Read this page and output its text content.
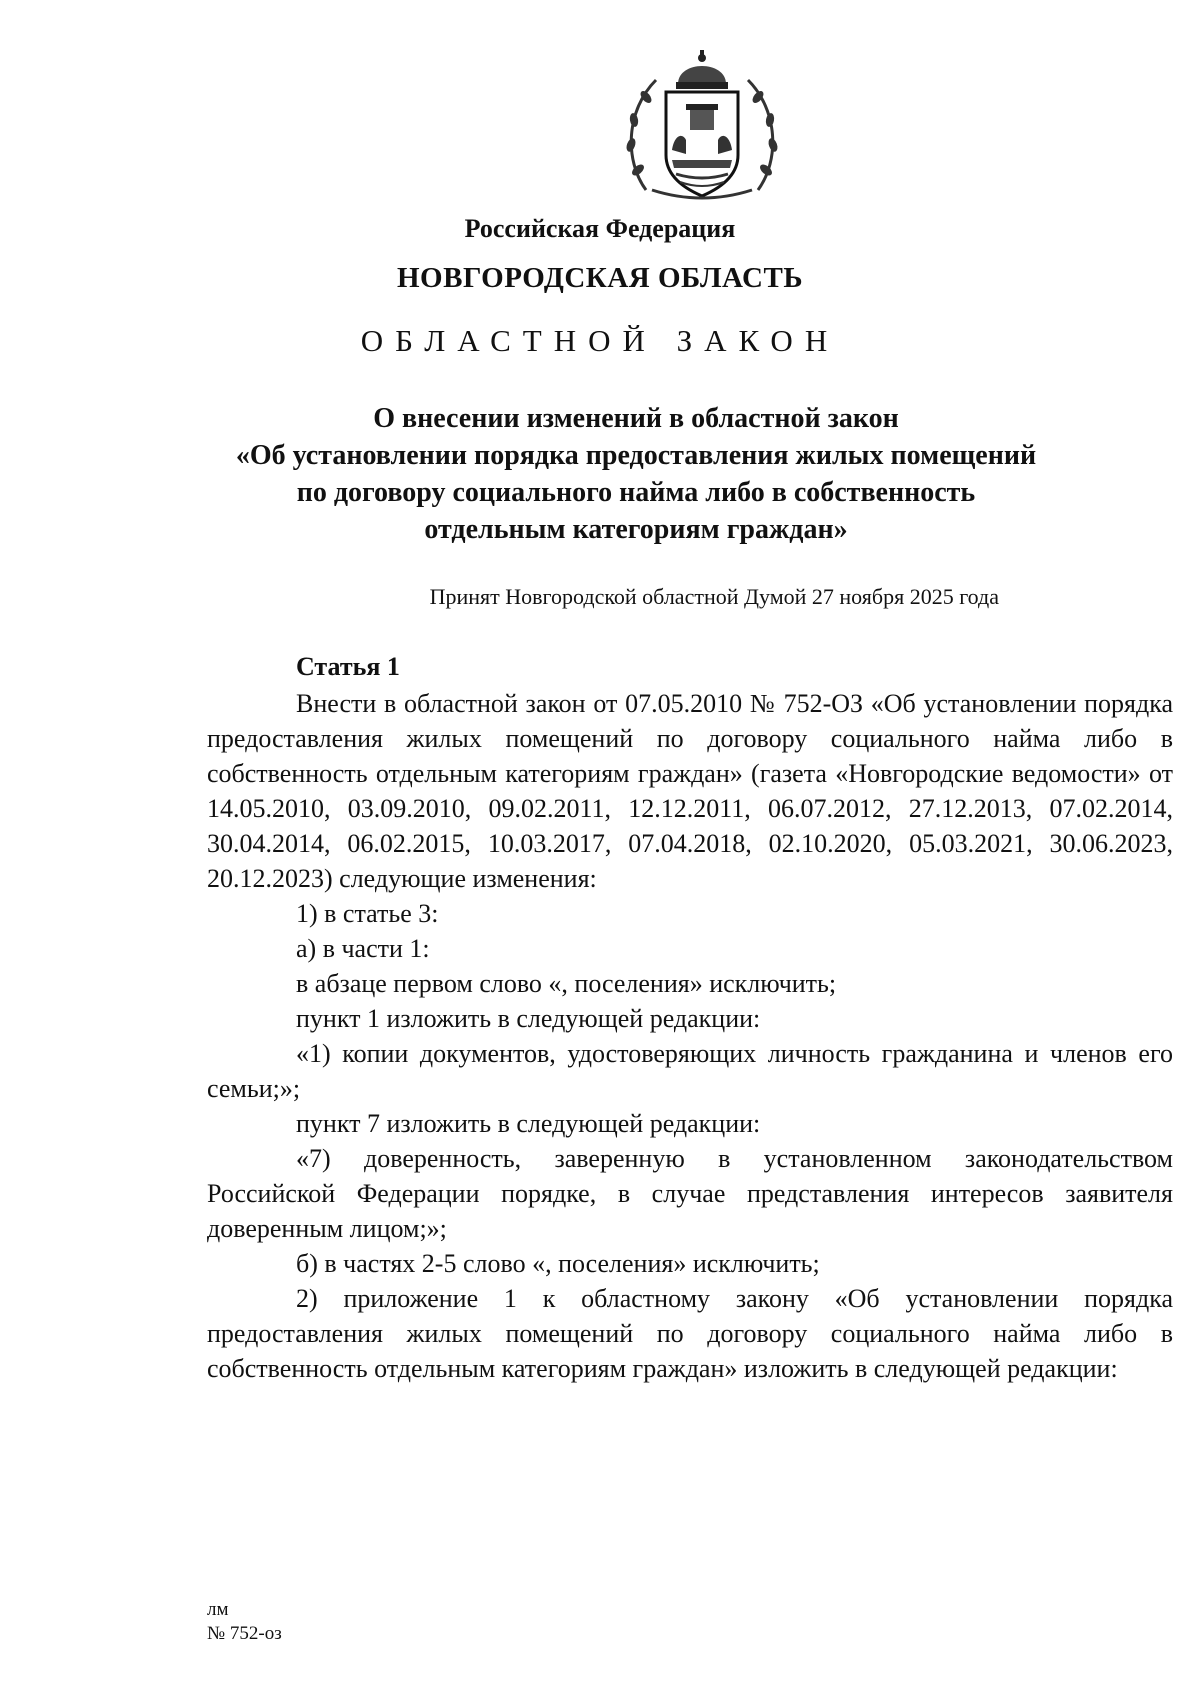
Российская Федерация
НОВГОРОДСКАЯ ОБЛАСТЬ
ОБЛАСТНОЙ ЗАКОН
О внесении изменений в областной закон
«Об установлении порядка предоставления жилых помещений
по договору социального найма либо в собственность
отдельным категориям граждан»
Принят Новгородской областной Думой 27 ноября 2025 года
Статья 1

Внести в областной закон от 07.05.2010 № 752-ОЗ «Об установлении порядка предоставления жилых помещений по договору социального найма либо в собственность отдельным категориям граждан» (газета «Новгородские ведомости» от 14.05.2010, 03.09.2010, 09.02.2011, 12.12.2011, 06.07.2012, 27.12.2013, 07.02.2014, 30.04.2014, 06.02.2015, 10.03.2017, 07.04.2018, 02.10.2020, 05.03.2021, 30.06.2023, 20.12.2023) следующие изменения:

1) в статье 3:

а) в части 1:

в абзаце первом слово «, поселения» исключить;

пункт 1 изложить в следующей редакции:

«1) копии документов, удостоверяющих личность гражданина и членов его семьи;»;

пункт 7 изложить в следующей редакции:

«7) доверенность, заверенную в установленном законодательством Российской Федерации порядке, в случае представления интересов заявителя доверенным лицом;»;

б) в частях 2-5 слово «, поселения» исключить;

2) приложение 1 к областному закону «Об установлении порядка предоставления жилых помещений по договору социального найма либо в собственность отдельным категориям граждан» изложить в следующей редакции:

лм
№ 752-оз
